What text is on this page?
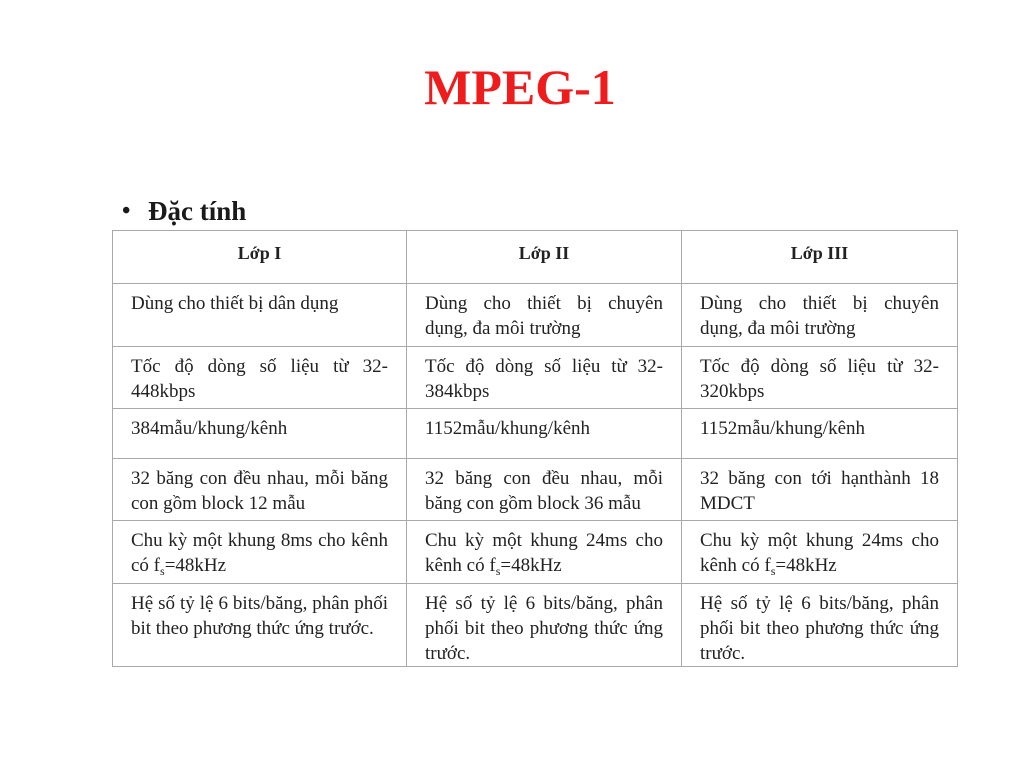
MPEG-1
• Đặc tính
Lớp I	Lớp II	Lớp III
Dùng cho thiết bị dân dụng	Dùng cho thiết bị chuyên dụng, đa môi trường	Dùng cho thiết bị chuyên dụng, đa môi trường
Tốc độ dòng số liệu từ 32-448kbps	Tốc độ dòng số liệu từ 32-384kbps	Tốc độ dòng số liệu từ 32-320kbps
384mẫu/khung/kênh	1152mẫu/khung/kênh	1152mẫu/khung/kênh
32 băng con đều nhau, mỗi băng con gồm block 12 mẫu	32 băng con đều nhau, mỗi băng con gồm block 36 mẫu	32 băng con tới hạnthành 18 MDCT
Chu kỳ một khung 8ms cho kênh có $f_s=48kHz$	Chu kỳ một khung 24ms cho kênh có $f_s=48kHz$	Chu kỳ một khung 24ms cho kênh có $f_s=48kHz$
Hệ số tỷ lệ 6 bits/băng, phân phối bit theo phương thức ứng trước.	Hệ số tỷ lệ 6 bits/băng, phân phối bit theo phương thức ứng trước.	Hệ số tỷ lệ 6 bits/băng, phân phối bit theo phương thức ứng trước.
